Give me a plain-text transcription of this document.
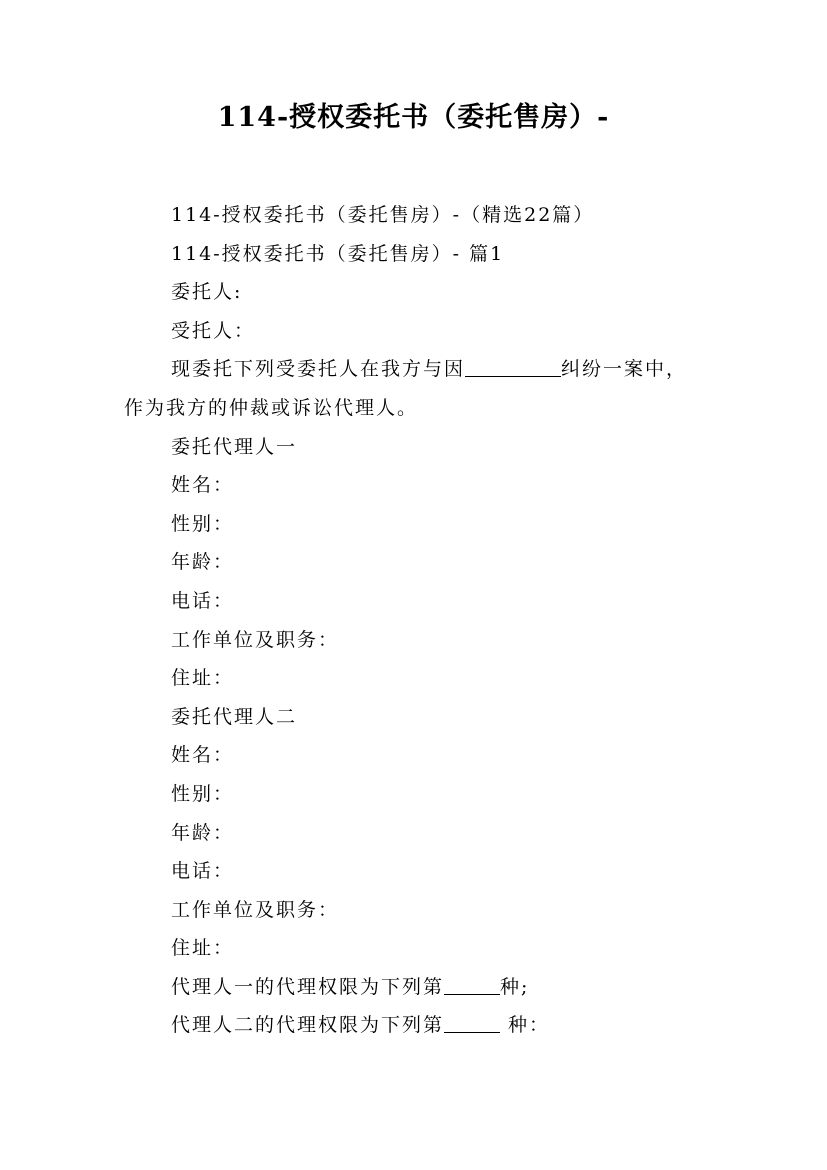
114-授权委托书（委托售房）-
114-授权委托书（委托售房）-（精选22篇）
114-授权委托书（委托售房）- 篇1
委托人:
受托人：
现委托下列受委托人在我方与因	纠纷一案中，
作为我方的仲裁或诉讼代理人。
委托代理人一
姓名：
性别：
年龄：
电话：
工作单位及职务：
住址：
委托代理人二
姓名：
性别：
年龄：
电话：
工作单位及职务：
住址：
代理人一的代理权限为下列第	种;
代理人二的代理权限为下列第	种：
